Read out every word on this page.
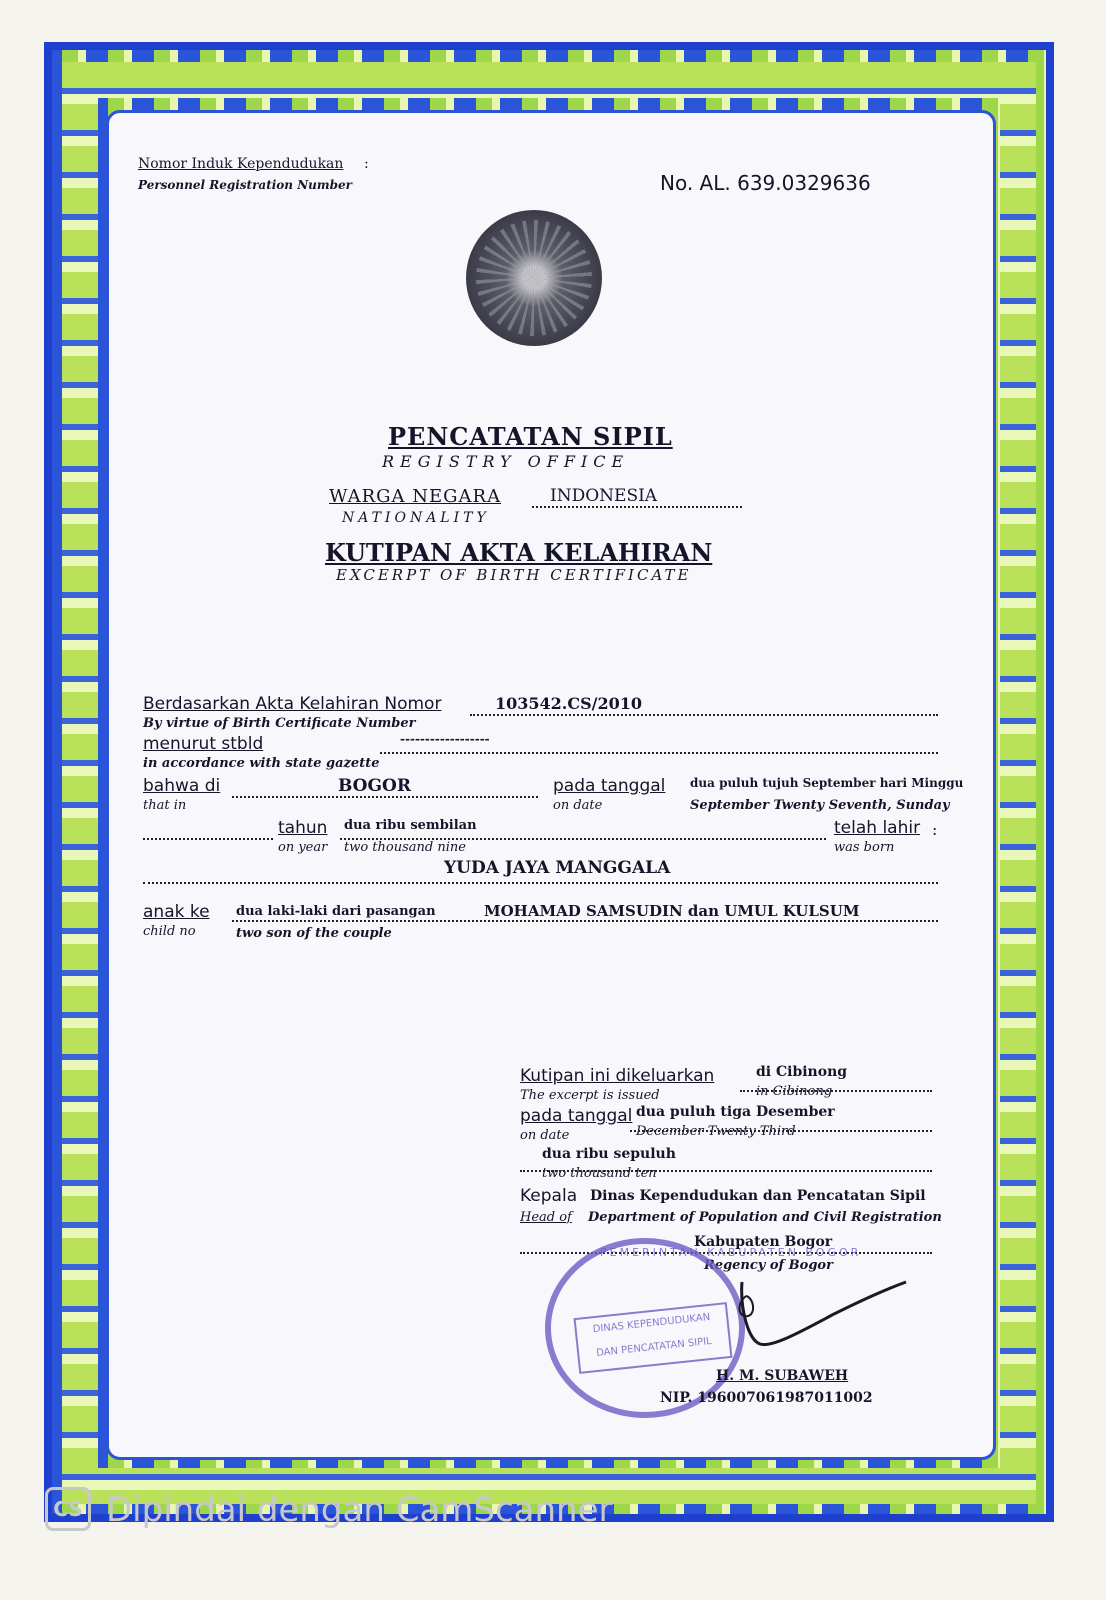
Nomor Induk Kependudukan :
Personnel Registration Number	No. AL. 639.0329636
PENCATATAN SIPIL
REGISTRY OFFICE
WARGA NEGARA
NATIONALITY
INDONESIA
KUTIPAN AKTA KELAHIRAN
EXCERPT OF BIRTH CERTIFICATE
Berdasarkan Akta Kelahiran Nomor
By virtue of Birth Certificate Number
103542.CS/2010
menurut stbld
in accordance with state gazette
------------------
bahwa di
that in
BOGOR	pada tanggal
on date
dua puluh tujuh September hari Minggu
September Twenty Seventh, Sunday
tahun
on year
dua ribu sembilan
two thousand nine
telah lahir
was born
:
YUDA JAYA MANGGALA
anak ke
child no
dua laki-laki dari pasangan
two son of the couple
MOHAMAD SAMSUDIN dan UMUL KULSUM
Kutipan ini dikeluarkan
The excerpt is issued
di Cibinong
in Cibinong
pada tanggal
on date
dua puluh tiga Desember
December Twenty Third
dua ribu sepuluh
two thousand ten
Kepala
Head of
Dinas Kependudukan dan Pencatatan Sipil
Department of Population and Civil Registration
Kabupaten Bogor
Regency of Bogor
PEMERINTAH KABUPATEN BOGOR
DINAS KEPENDUDUKAN
DAN PENCATATAN SIPIL
H. M. SUBAWEH
NIP. 196007061987011002
CS Dipindai dengan CamScanner
